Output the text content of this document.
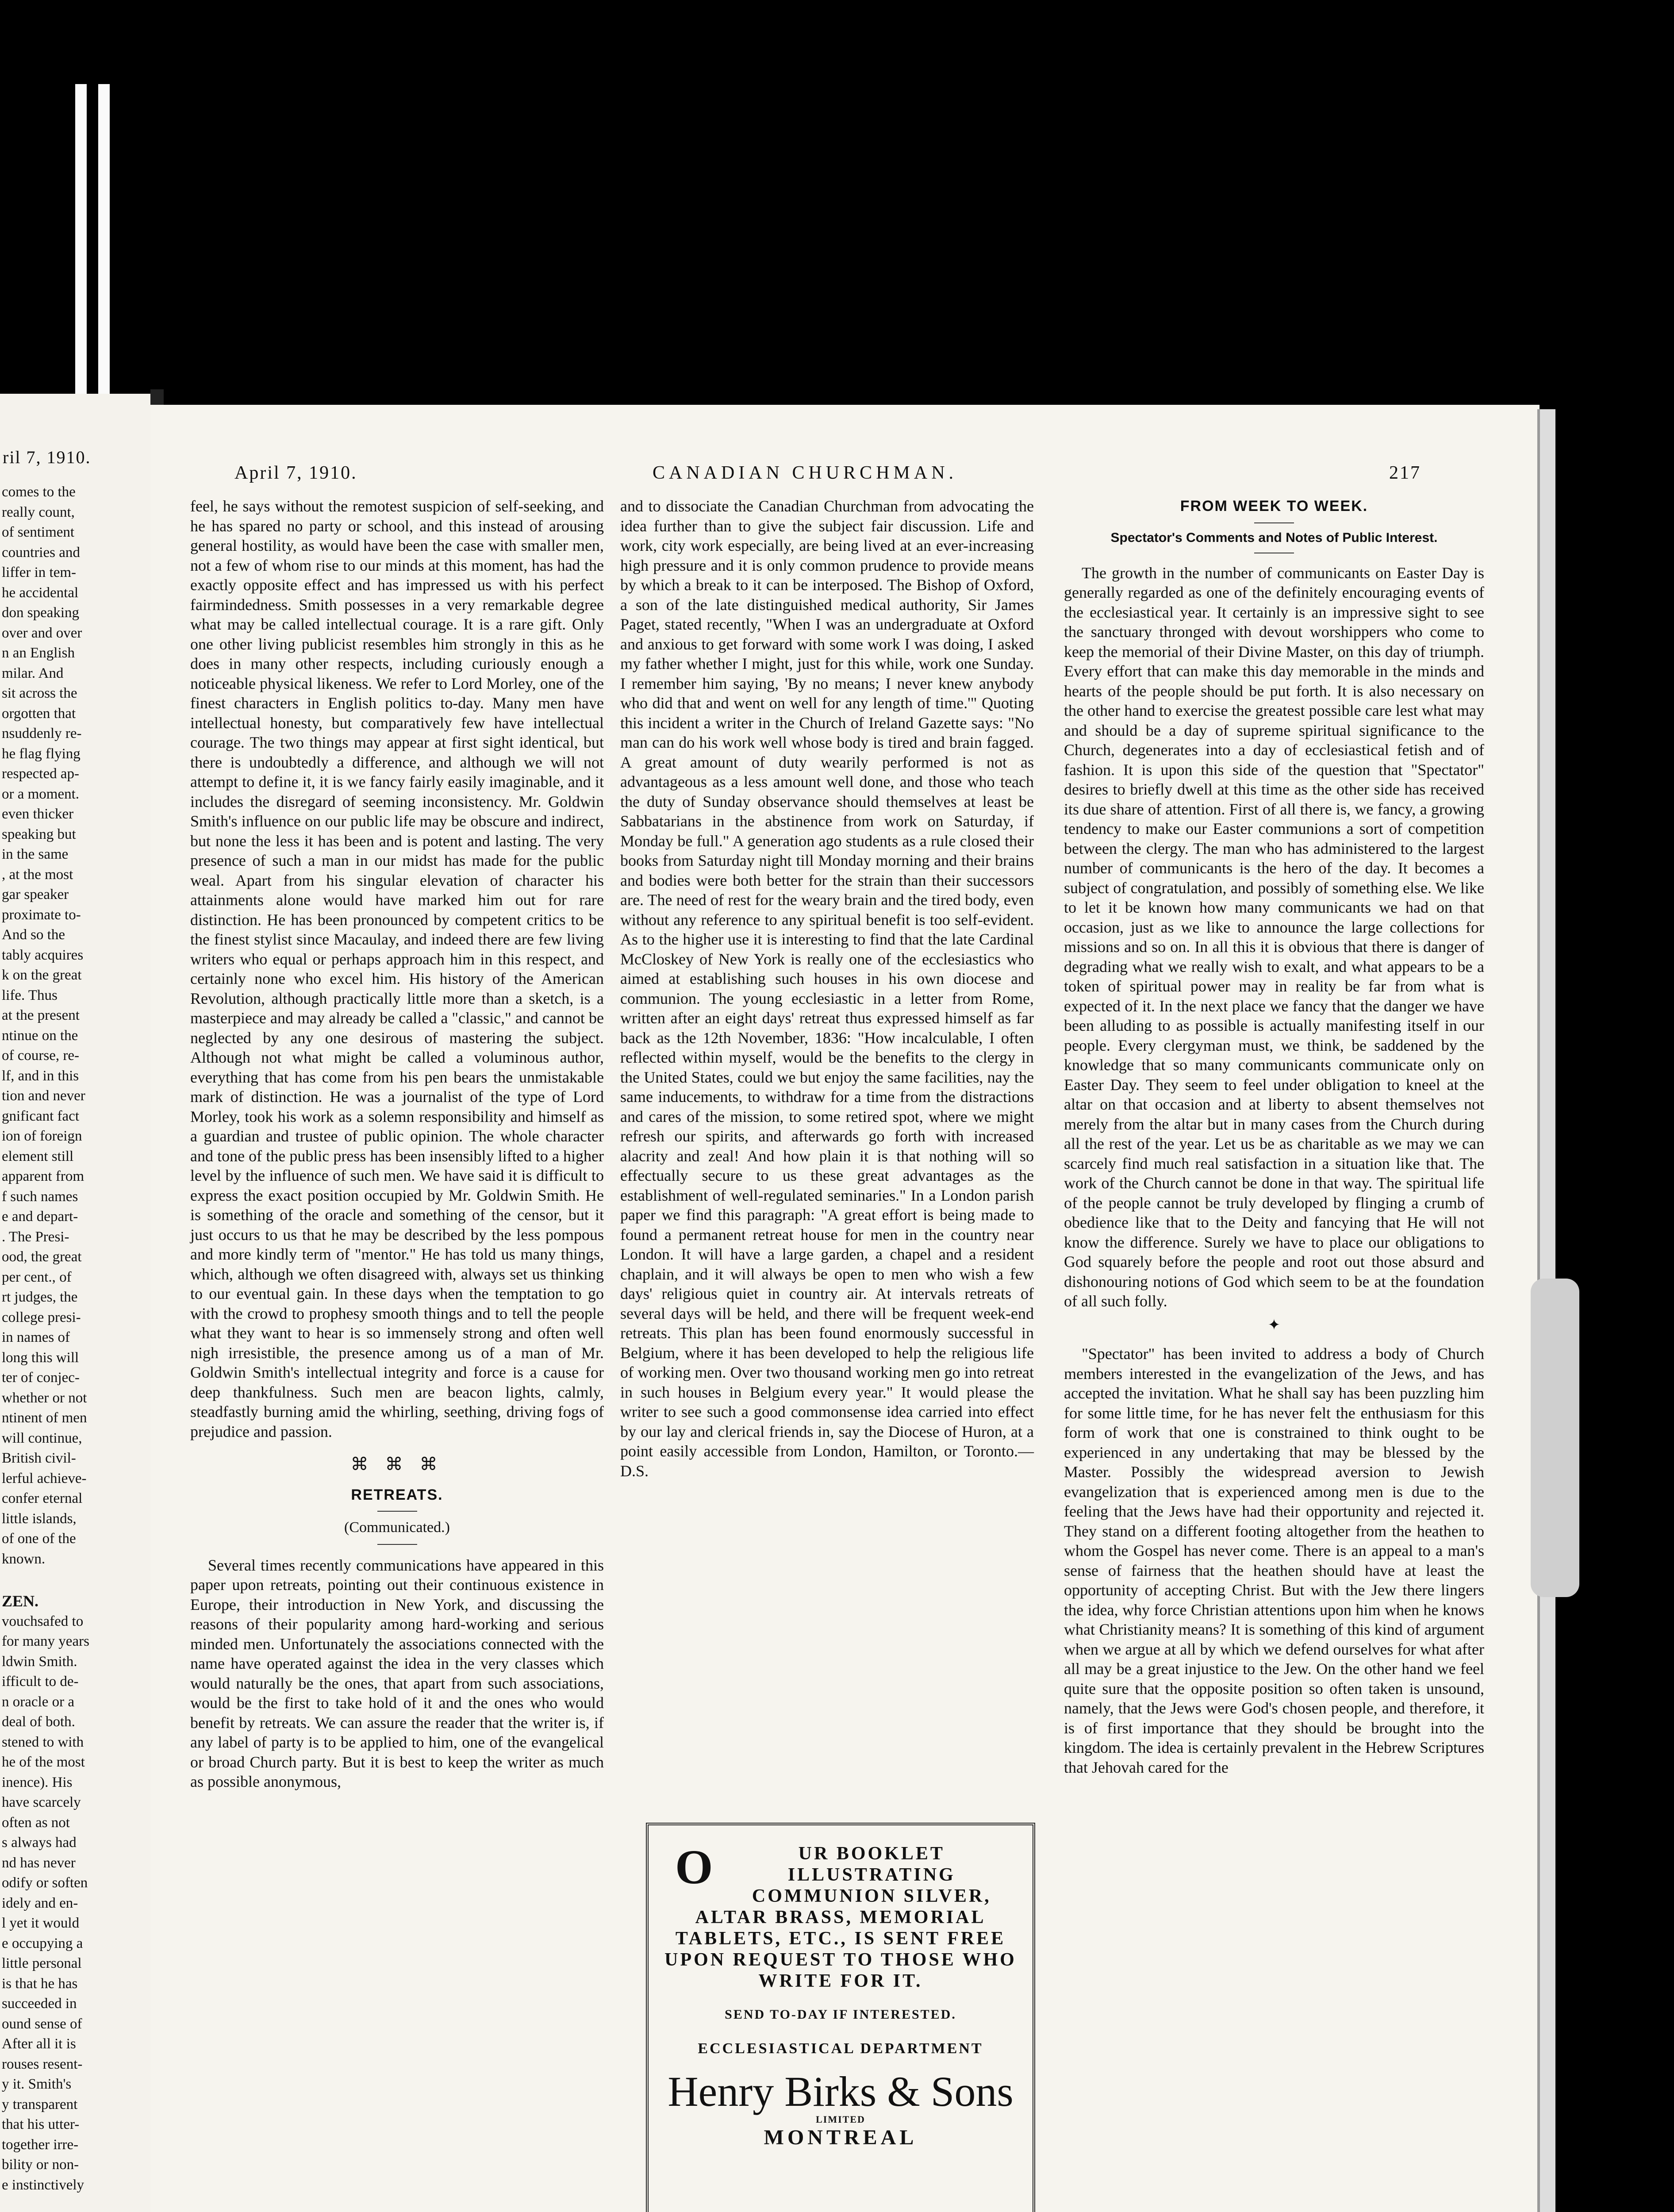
ril 7, 1910.
comes to the
really count,
of sentiment
countries and
liffer in tem-
he accidental
don speaking
over and over
n an English
milar. And
sit across the
orgotten that
nsuddenly re-
he flag flying
respected ap-
or a moment.
even thicker
speaking but
in the same
, at the most
gar speaker
proximate to-
And so the
tably acquires
k on the great
life. Thus
at the present
ntinue on the
of course, re-
lf, and in this
tion and never
gnificant fact
ion of foreign
element still
apparent from
f such names
e and depart-
. The Presi-
ood, the great
per cent., of
rt judges, the
college presi-
in names of
long this will
ter of conjec-
whether or not
ntinent of men
will continue,
British civil-
lerful achieve-
confer eternal
little islands,
of one of the
known.
ZEN.
vouchsafed to
for many years
ldwin Smith.
ifficult to de-
n oracle or a
deal of both.
stened to with
he of the most
inence). His
have scarcely
often as not
s always had
nd has never
odify or soften
idely and en-
l yet it would
e occupying a
little personal
is that he has
succeeded in
ound sense of
After all it is
rouses resent-
y it. Smith's
y transparent
that his utter-
together irre-
bility or non-
e instinctively
April 7, 1910.	CANADIAN CHURCHMAN.	217

feel, he says without the remotest suspicion of self-seeking, and he has spared no party or school, and this instead of arousing general hostility, as would have been the case with smaller men, not a few of whom rise to our minds at this moment, has had the exactly opposite effect and has impressed us with his perfect fairmindedness. Smith possesses in a very remarkable degree what may be called intellectual courage. It is a rare gift. Only one other living publicist resembles him strongly in this as he does in many other respects, including curiously enough a noticeable physical likeness. We refer to Lord Morley, one of the finest characters in English politics to-day. Many men have intellectual honesty, but comparatively few have intellectual courage. The two things may appear at first sight identical, but there is undoubtedly a difference, and although we will not attempt to define it, it is we fancy fairly easily imaginable, and it includes the disregard of seeming inconsistency. Mr. Goldwin Smith's influence on our public life may be obscure and indirect, but none the less it has been and is potent and lasting. The very presence of such a man in our midst has made for the public weal. Apart from his singular elevation of character his attainments alone would have marked him out for rare distinction. He has been pronounced by competent critics to be the finest stylist since Macaulay, and indeed there are few living writers who equal or perhaps approach him in this respect, and certainly none who excel him. His history of the American Revolution, although practically little more than a sketch, is a masterpiece and may already be called a "classic," and cannot be neglected by any one desirous of mastering the subject. Although not what might be called a voluminous author, everything that has come from his pen bears the unmistakable mark of distinction. He was a journalist of the type of Lord Morley, took his work as a solemn responsibility and himself as a guardian and trustee of public opinion. The whole character and tone of the public press has been insensibly lifted to a higher level by the influence of such men. We have said it is difficult to express the exact position occupied by Mr. Goldwin Smith. He is something of the oracle and something of the censor, but it just occurs to us that he may be described by the less pompous and more kindly term of "mentor." He has told us many things, which, although we often disagreed with, always set us thinking to our eventual gain. In these days when the temptation to go with the crowd to prophesy smooth things and to tell the people what they want to hear is so immensely strong and often well nigh irresistible, the presence among us of a man of Mr. Goldwin Smith's intellectual integrity and force is a cause for deep thankfulness. Such men are beacon lights, calmly, steadfastly burning amid the whirling, seething, driving fogs of prejudice and passion.

⌘ ⌘ ⌘
RETREATS.
(Communicated.)

Several times recently communications have appeared in this paper upon retreats, pointing out their continuous existence in Europe, their introduction in New York, and discussing the reasons of their popularity among hard-working and serious minded men. Unfortunately the associations connected with the name have operated against the idea in the very classes which would naturally be the ones, that apart from such associations, would be the first to take hold of it and the ones who would benefit by retreats. We can assure the reader that the writer is, if any label of party is to be applied to him, one of the evangelical or broad Church party. But it is best to keep the writer as much as possible anonymous,

and to dissociate the Canadian Churchman from advocating the idea further than to give the subject fair discussion. Life and work, city work especially, are being lived at an ever-increasing high pressure and it is only common prudence to provide means by which a break to it can be interposed. The Bishop of Oxford, a son of the late distinguished medical authority, Sir James Paget, stated recently, "When I was an undergraduate at Oxford and anxious to get forward with some work I was doing, I asked my father whether I might, just for this while, work one Sunday. I remember him saying, 'By no means; I never knew anybody who did that and went on well for any length of time.'" Quoting this incident a writer in the Church of Ireland Gazette says: "No man can do his work well whose body is tired and brain fagged. A great amount of duty wearily performed is not as advantageous as a less amount well done, and those who teach the duty of Sunday observance should themselves at least be Sabbatarians in the abstinence from work on Saturday, if Monday be full." A generation ago students as a rule closed their books from Saturday night till Monday morning and their brains and bodies were both better for the strain than their successors are. The need of rest for the weary brain and the tired body, even without any reference to any spiritual benefit is too self-evident. As to the higher use it is interesting to find that the late Cardinal McCloskey of New York is really one of the ecclesiastics who aimed at establishing such houses in his own diocese and communion. The young ecclesiastic in a letter from Rome, written after an eight days' retreat thus expressed himself as far back as the 12th November, 1836: "How incalculable, I often reflected within myself, would be the benefits to the clergy in the United States, could we but enjoy the same facilities, nay the same inducements, to withdraw for a time from the distractions and cares of the mission, to some retired spot, where we might refresh our spirits, and afterwards go forth with increased alacrity and zeal! And how plain it is that nothing will so effectually secure to us these great advantages as the establishment of well-regulated seminaries." In a London parish paper we find this paragraph: "A great effort is being made to found a permanent retreat house for men in the country near London. It will have a large garden, a chapel and a resident chaplain, and it will always be open to men who wish a few days' religious quiet in country air. At intervals retreats of several days will be held, and there will be frequent week-end retreats. This plan has been found enormously successful in Belgium, where it has been developed to help the religious life of working men. Over two thousand working men go into retreat in such houses in Belgium every year." It would please the writer to see such a good commonsense idea carried into effect by our lay and clerical friends in, say the Diocese of Huron, at a point easily accessible from London, Hamilton, or Toronto.—D.S.

O	UR BOOKLET ILLUSTRATING COMMUNION SILVER, ALTAR BRASS, MEMORIAL TABLETS, ETC., IS SENT FREE UPON REQUEST TO THOSE WHO WRITE FOR IT.
SEND TO-DAY IF INTERESTED.
ECCLESIASTICAL DEPARTMENT
Henry Birks & Sons
LIMITED
MONTREAL
FROM WEEK TO WEEK.
Spectator's Comments and Notes of Public Interest.

The growth in the number of communicants on Easter Day is generally regarded as one of the definitely encouraging events of the ecclesiastical year. It certainly is an impressive sight to see the sanctuary thronged with devout worshippers who come to keep the memorial of their Divine Master, on this day of triumph. Every effort that can make this day memorable in the minds and hearts of the people should be put forth. It is also necessary on the other hand to exercise the greatest possible care lest what may and should be a day of supreme spiritual significance to the Church, degenerates into a day of ecclesiastical fetish and of fashion. It is upon this side of the question that "Spectator" desires to briefly dwell at this time as the other side has received its due share of attention. First of all there is, we fancy, a growing tendency to make our Easter communions a sort of competition between the clergy. The man who has administered to the largest number of communicants is the hero of the day. It becomes a subject of congratulation, and possibly of something else. We like to let it be known how many communicants we had on that occasion, just as we like to announce the large collections for missions and so on. In all this it is obvious that there is danger of degrading what we really wish to exalt, and what appears to be a token of spiritual power may in reality be far from what is expected of it. In the next place we fancy that the danger we have been alluding to as possible is actually manifesting itself in our people. Every clergyman must, we think, be saddened by the knowledge that so many communicants communicate only on Easter Day. They seem to feel under obligation to kneel at the altar on that occasion and at liberty to absent themselves not merely from the altar but in many cases from the Church during all the rest of the year. Let us be as charitable as we may we can scarcely find much real satisfaction in a situation like that. The work of the Church cannot be done in that way. The spiritual life of the people cannot be truly developed by flinging a crumb of obedience like that to the Deity and fancying that He will not know the difference. Surely we have to place our obligations to God squarely before the people and root out those absurd and dishonouring notions of God which seem to be at the foundation of all such folly.

✦

"Spectator" has been invited to address a body of Church members interested in the evangelization of the Jews, and has accepted the invitation. What he shall say has been puzzling him for some little time, for he has never felt the enthusiasm for this form of work that one is constrained to think ought to be experienced in any undertaking that may be blessed by the Master. Possibly the widespread aversion to Jewish evangelization that is experienced among men is due to the feeling that the Jews have had their opportunity and rejected it. They stand on a different footing altogether from the heathen to whom the Gospel has never come. There is an appeal to a man's sense of fairness that the heathen should have at least the opportunity of accepting Christ. But with the Jew there lingers the idea, why force Christian attentions upon him when he knows what Christianity means? It is something of this kind of argument when we argue at all by which we defend ourselves for what after all may be a great injustice to the Jew. On the other hand we feel quite sure that the opposite position so often taken is unsound, namely, that the Jews were God's chosen people, and therefore, it is of first importance that they should be brought into the kingdom. The idea is certainly prevalent in the Hebrew Scriptures that Jehovah cared for the
